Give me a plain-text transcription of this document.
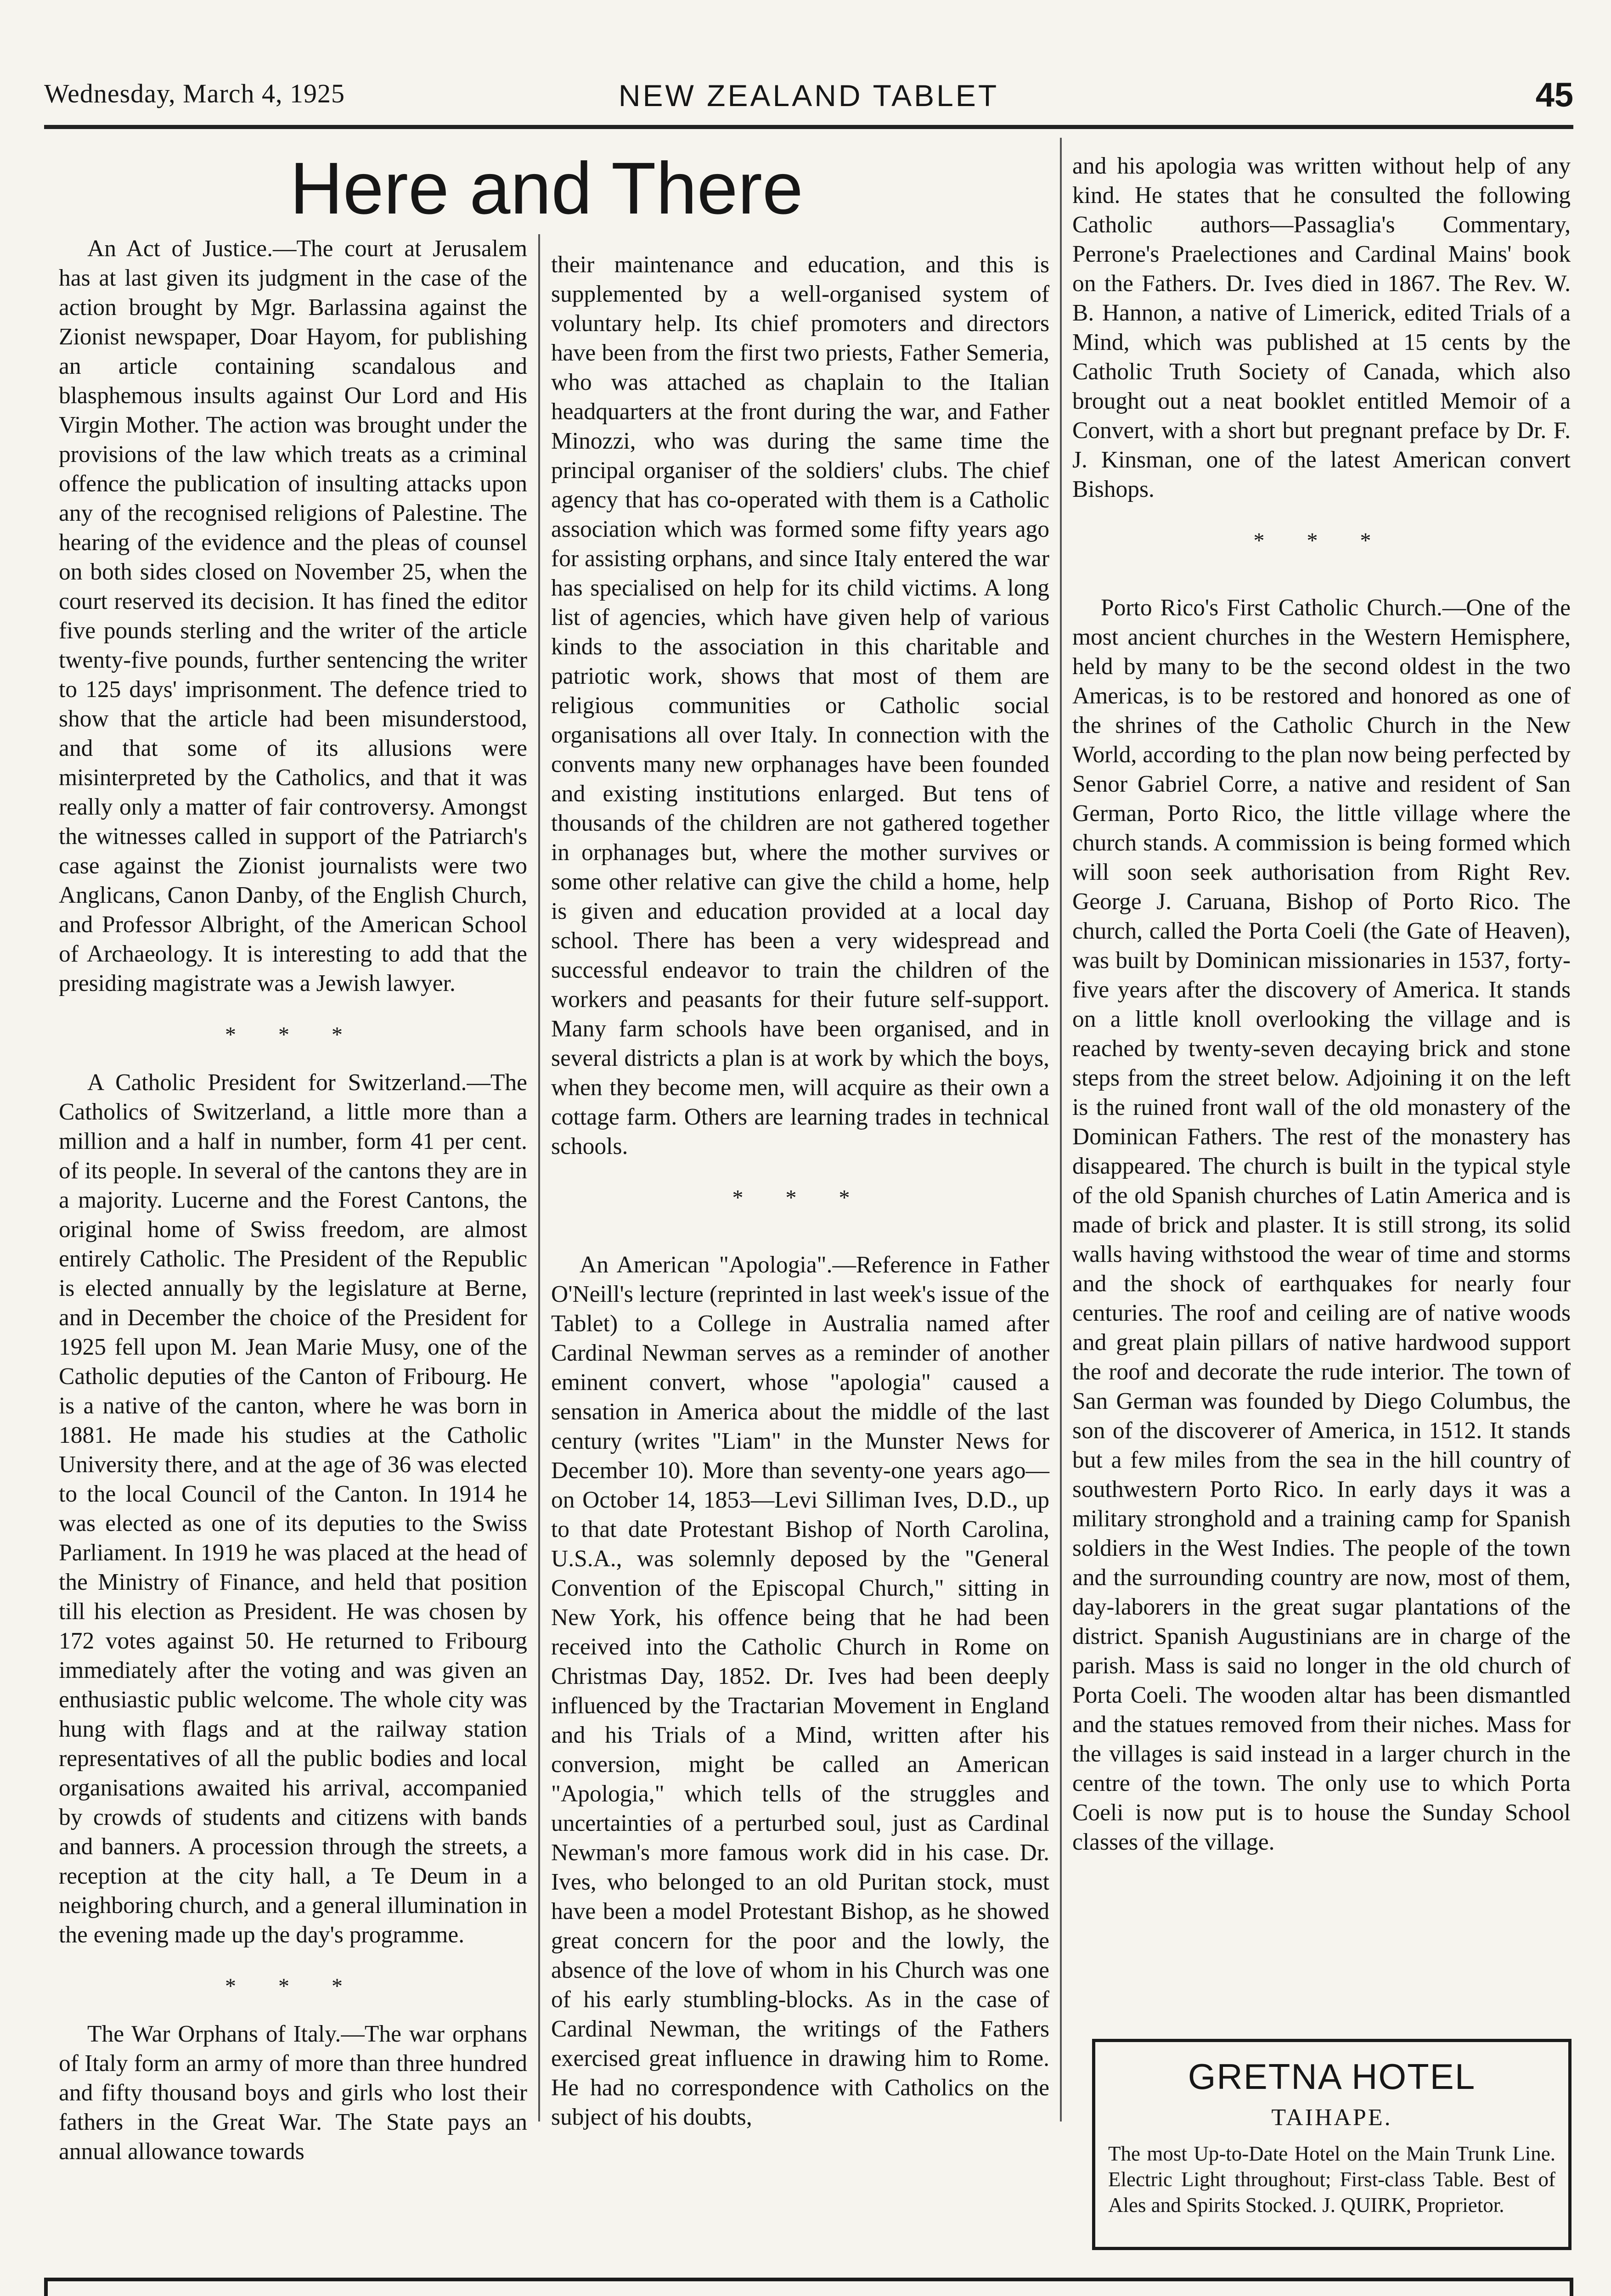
Wednesday, March 4, 1925	NEW ZEALAND TABLET	45
Here and There

An Act of Justice.—The court at Jerusalem has at last given its judgment in the case of the action brought by Mgr. Barlassina against the Zionist newspaper, Doar Hayom, for publishing an article containing scandalous and blasphemous insults against Our Lord and His Virgin Mother. The action was brought under the provisions of the law which treats as a criminal offence the publication of insulting attacks upon any of the recognised religions of Palestine. The hearing of the evidence and the pleas of counsel on both sides closed on November 25, when the court reserved its decision. It has fined the editor five pounds sterling and the writer of the article twenty-five pounds, further sentencing the writer to 125 days' imprisonment. The defence tried to show that the article had been misunderstood, and that some of its allusions were misinterpreted by the Catholics, and that it was really only a matter of fair controversy. Amongst the witnesses called in support of the Patriarch's case against the Zionist journalists were two Anglicans, Canon Danby, of the English Church, and Professor Albright, of the American School of Archaeology. It is interesting to add that the presiding magistrate was a Jewish lawyer.

* * *

A Catholic President for Switzerland.—The Catholics of Switzerland, a little more than a million and a half in number, form 41 per cent. of its people. In several of the cantons they are in a majority. Lucerne and the Forest Cantons, the original home of Swiss freedom, are almost entirely Catholic. The President of the Republic is elected annually by the legislature at Berne, and in December the choice of the President for 1925 fell upon M. Jean Marie Musy, one of the Catholic deputies of the Canton of Fribourg. He is a native of the canton, where he was born in 1881. He made his studies at the Catholic University there, and at the age of 36 was elected to the local Council of the Canton. In 1914 he was elected as one of its deputies to the Swiss Parliament. In 1919 he was placed at the head of the Ministry of Finance, and held that position till his election as President. He was chosen by 172 votes against 50. He returned to Fribourg immediately after the voting and was given an enthusiastic public welcome. The whole city was hung with flags and at the railway station representatives of all the public bodies and local organisations awaited his arrival, accompanied by crowds of students and citizens with bands and banners. A procession through the streets, a reception at the city hall, a Te Deum in a neighboring church, and a general illumination in the evening made up the day's programme.

* * *

The War Orphans of Italy.—The war orphans of Italy form an army of more than three hundred and fifty thousand boys and girls who lost their fathers in the Great War. The State pays an annual allowance towards

their maintenance and education, and this is supplemented by a well-organised system of voluntary help. Its chief promoters and directors have been from the first two priests, Father Semeria, who was attached as chaplain to the Italian headquarters at the front during the war, and Father Minozzi, who was during the same time the principal organiser of the soldiers' clubs. The chief agency that has co-operated with them is a Catholic association which was formed some fifty years ago for assisting orphans, and since Italy entered the war has specialised on help for its child victims. A long list of agencies, which have given help of various kinds to the association in this charitable and patriotic work, shows that most of them are religious communities or Catholic social organisations all over Italy. In connection with the convents many new orphanages have been founded and existing institutions enlarged. But tens of thousands of the children are not gathered together in orphanages but, where the mother survives or some other relative can give the child a home, help is given and education provided at a local day school. There has been a very widespread and successful endeavor to train the children of the workers and peasants for their future self-support. Many farm schools have been organised, and in several districts a plan is at work by which the boys, when they become men, will acquire as their own a cottage farm. Others are learning trades in technical schools.

* * *

An American "Apologia".—Reference in Father O'Neill's lecture (reprinted in last week's issue of the Tablet) to a College in Australia named after Cardinal Newman serves as a reminder of another eminent convert, whose "apologia" caused a sensation in America about the middle of the last century (writes "Liam" in the Munster News for December 10). More than seventy-one years ago—on October 14, 1853—Levi Silliman Ives, D.D., up to that date Protestant Bishop of North Carolina, U.S.A., was solemnly deposed by the "General Convention of the Episcopal Church," sitting in New York, his offence being that he had been received into the Catholic Church in Rome on Christmas Day, 1852. Dr. Ives had been deeply influenced by the Tractarian Movement in England and his Trials of a Mind, written after his conversion, might be called an American "Apologia," which tells of the struggles and uncertainties of a perturbed soul, just as Cardinal Newman's more famous work did in his case. Dr. Ives, who belonged to an old Puritan stock, must have been a model Protestant Bishop, as he showed great concern for the poor and the lowly, the absence of the love of whom in his Church was one of his early stumbling-blocks. As in the case of Cardinal Newman, the writings of the Fathers exercised great influence in drawing him to Rome. He had no correspondence with Catholics on the subject of his doubts,

and his apologia was written without help of any kind. He states that he consulted the following Catholic authors—Passaglia's Commentary, Perrone's Praelectiones and Cardinal Mains' book on the Fathers. Dr. Ives died in 1867. The Rev. W. B. Hannon, a native of Limerick, edited Trials of a Mind, which was published at 15 cents by the Catholic Truth Society of Canada, which also brought out a neat booklet entitled Memoir of a Convert, with a short but pregnant preface by Dr. F. J. Kinsman, one of the latest American convert Bishops.

* * *

Porto Rico's First Catholic Church.—One of the most ancient churches in the Western Hemisphere, held by many to be the second oldest in the two Americas, is to be restored and honored as one of the shrines of the Catholic Church in the New World, according to the plan now being perfected by Senor Gabriel Corre, a native and resident of San German, Porto Rico, the little village where the church stands. A commission is being formed which will soon seek authorisation from Right Rev. George J. Caruana, Bishop of Porto Rico. The church, called the Porta Coeli (the Gate of Heaven), was built by Dominican missionaries in 1537, forty-five years after the discovery of America. It stands on a little knoll overlooking the village and is reached by twenty-seven decaying brick and stone steps from the street below. Adjoining it on the left is the ruined front wall of the old monastery of the Dominican Fathers. The rest of the monastery has disappeared. The church is built in the typical style of the old Spanish churches of Latin America and is made of brick and plaster. It is still strong, its solid walls having withstood the wear of time and storms and the shock of earthquakes for nearly four centuries. The roof and ceiling are of native woods and great plain pillars of native hardwood support the roof and decorate the rude interior. The town of San German was founded by Diego Columbus, the son of the discoverer of America, in 1512. It stands but a few miles from the sea in the hill country of southwestern Porto Rico. In early days it was a military stronghold and a training camp for Spanish soldiers in the West Indies. The people of the town and the surrounding country are now, most of them, day-laborers in the great sugar plantations of the district. Spanish Augustinians are in charge of the parish. Mass is said no longer in the old church of Porta Coeli. The wooden altar has been dismantled and the statues removed from their niches. Mass for the villages is said instead in a larger church in the centre of the town. The only use to which Porta Coeli is now put is to house the Sunday School classes of the village.

GRETNA HOTEL
TAIHAPE.
The most Up-to-Date Hotel on the Main Trunk Line. Electric Light throughout; First-class Table. Best of Ales and Spirits Stocked. J. QUIRK, Proprietor.
